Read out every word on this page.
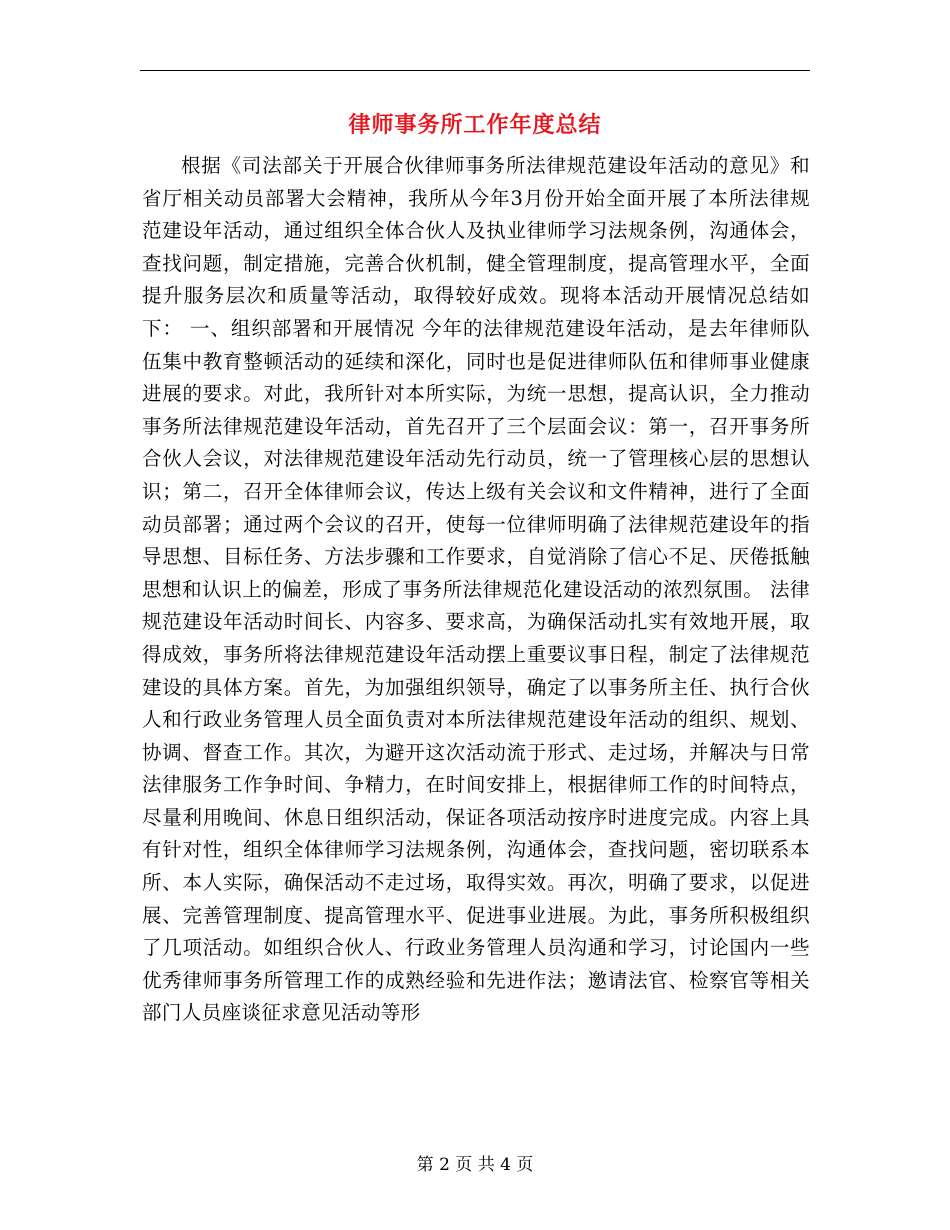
律师事务所工作年度总结

根据《司法部关于开展合伙律师事务所法律规范建设年活动的意见》和省厅相关动员部署大会精神，我所从今年3月份开始全面开展了本所法律规范建设年活动，通过组织全体合伙人及执业律师学习法规条例，沟通体会，查找问题，制定措施，完善合伙机制，健全管理制度，提高管理水平，全面提升服务层次和质量等活动，取得较好成效。现将本活动开展情况总结如下： 一、组织部署和开展情况 今年的法律规范建设年活动，是去年律师队伍集中教育整顿活动的延续和深化，同时也是促进律师队伍和律师事业健康进展的要求。对此，我所针对本所实际，为统一思想，提高认识，全力推动事务所法律规范建设年活动，首先召开了三个层面会议：第一，召开事务所合伙人会议，对法律规范建设年活动先行动员，统一了管理核心层的思想认识；第二，召开全体律师会议，传达上级有关会议和文件精神，进行了全面动员部署；通过两个会议的召开，使每一位律师明确了法律规范建设年的指导思想、目标任务、方法步骤和工作要求，自觉消除了信心不足、厌倦抵触思想和认识上的偏差，形成了事务所法律规范化建设活动的浓烈氛围。 法律规范建设年活动时间长、内容多、要求高，为确保活动扎实有效地开展，取得成效，事务所将法律规范建设年活动摆上重要议事日程，制定了法律规范建设的具体方案。首先，为加强组织领导，确定了以事务所主任、执行合伙人和行政业务管理人员全面负责对本所法律规范建设年活动的组织、规划、协调、督查工作。其次，为避开这次活动流于形式、走过场，并解决与日常法律服务工作争时间、争精力，在时间安排上，根据律师工作的时间特点，尽量利用晚间、休息日组织活动，保证各项活动按序时进度完成。内容上具有针对性，组织全体律师学习法规条例，沟通体会，查找问题，密切联系本所、本人实际，确保活动不走过场，取得实效。再次，明确了要求，以促进展、完善管理制度、提高管理水平、促进事业进展。为此，事务所积极组织了几项活动。如组织合伙人、行政业务管理人员沟通和学习，讨论国内一些优秀律师事务所管理工作的成熟经验和先进作法；邀请法官、检察官等相关部门人员座谈征求意见活动等形

第 2 页 共 4 页
